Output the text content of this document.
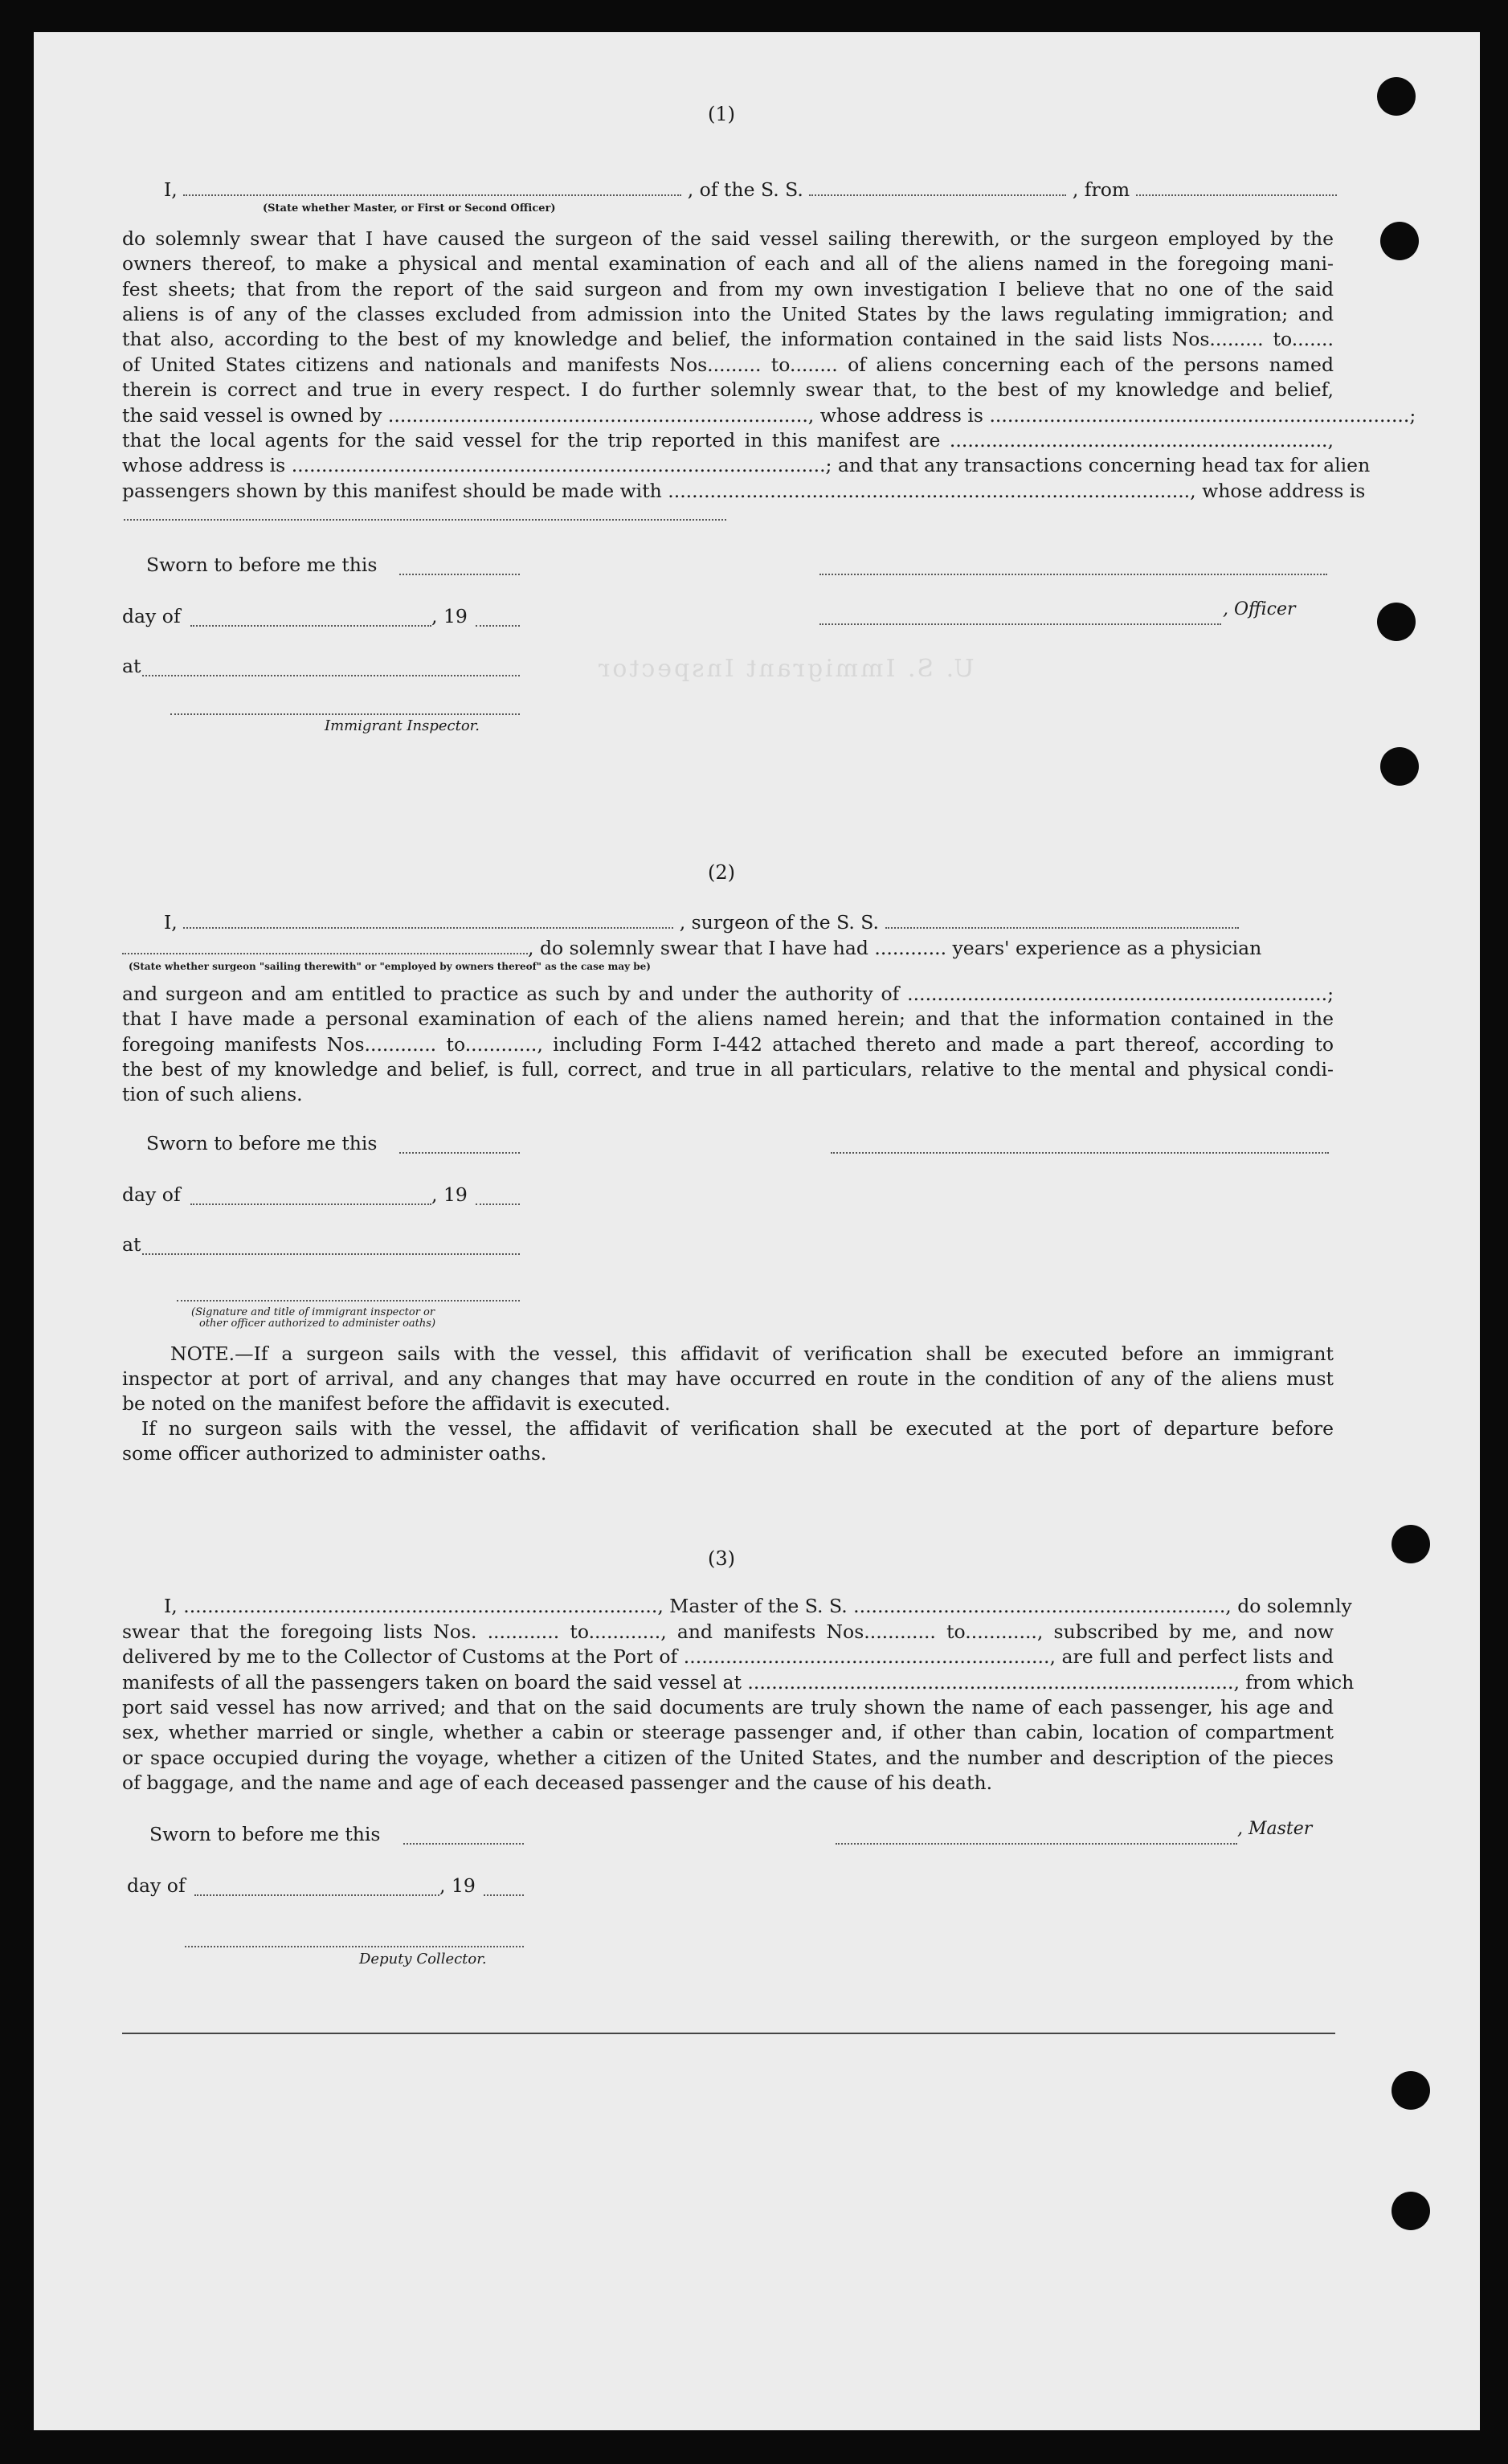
U. S. Immigrant Inspector
(1)
I,	, of the S. S.	, from
(State whether Master, or First or Second Officer)
do solemnly swear that I have caused the surgeon of the said vessel sailing therewith, or the surgeon employed by the
owners thereof, to make a physical and mental examination of each and all of the aliens named in the foregoing mani-
fest sheets; that from the report of the said surgeon and from my own investigation I believe that no one of the said
aliens is of any of the classes excluded from admission into the United States by the laws regulating immigration; and
that also, according to the best of my knowledge and belief, the information contained in the said lists Nos......... to.......
of United States citizens and nationals and manifests Nos......... to........ of aliens concerning each of the persons named
therein is correct and true in every respect. I do further solemnly swear that, to the best of my knowledge and belief,
the said vessel is owned by ......................................................................, whose address is ......................................................................;
that the local agents for the said vessel for the trip reported in this manifest are ...............................................................,
whose address is .........................................................................................; and that any transactions concerning head tax for alien
passengers shown by this manifest should be made with ......................................................................................., whose address is
Sworn to before me this
day of	, 19	, Officer
at
Immigrant Inspector.
(2)
I,	, surgeon of the S. S.
, do solemnly swear that I have had ............ years' experience as a physician
(State whether surgeon "sailing therewith" or "employed by owners thereof" as the case may be)
and surgeon and am entitled to practice as such by and under the authority of ......................................................................;
that I have made a personal examination of each of the aliens named herein; and that the information contained in the
foregoing manifests Nos............ to............, including Form I-442 attached thereto and made a part thereof, according to
the best of my knowledge and belief, is full, correct, and true in all particulars, relative to the mental and physical condi-
tion of such aliens.
Sworn to before me this
day of	, 19
at
(Signature and title of immigrant inspector or
other officer authorized to administer oaths)
NOTE.—If a surgeon sails with the vessel, this affidavit of verification shall be executed before an immigrant
inspector at port of arrival, and any changes that may have occurred en route in the condition of any of the aliens must
be noted on the manifest before the affidavit is executed.
If no surgeon sails with the vessel, the affidavit of verification shall be executed at the port of departure before
some officer authorized to administer oaths.
(3)
I, ..............................................................................., Master of the S. S. .............................................................., do solemnly
swear that the foregoing lists Nos. ............ to............, and manifests Nos............ to............, subscribed by me, and now
delivered by me to the Collector of Customs at the Port of ............................................................., are full and perfect lists and
manifests of all the passengers taken on board the said vessel at ................................................................................., from which
port said vessel has now arrived; and that on the said documents are truly shown the name of each passenger, his age and
sex, whether married or single, whether a cabin or steerage passenger and, if other than cabin, location of compartment
or space occupied during the voyage, whether a citizen of the United States, and the number and description of the pieces
of baggage, and the name and age of each deceased passenger and the cause of his death.
Sworn to before me this	, Master
day of	, 19
Deputy Collector.
